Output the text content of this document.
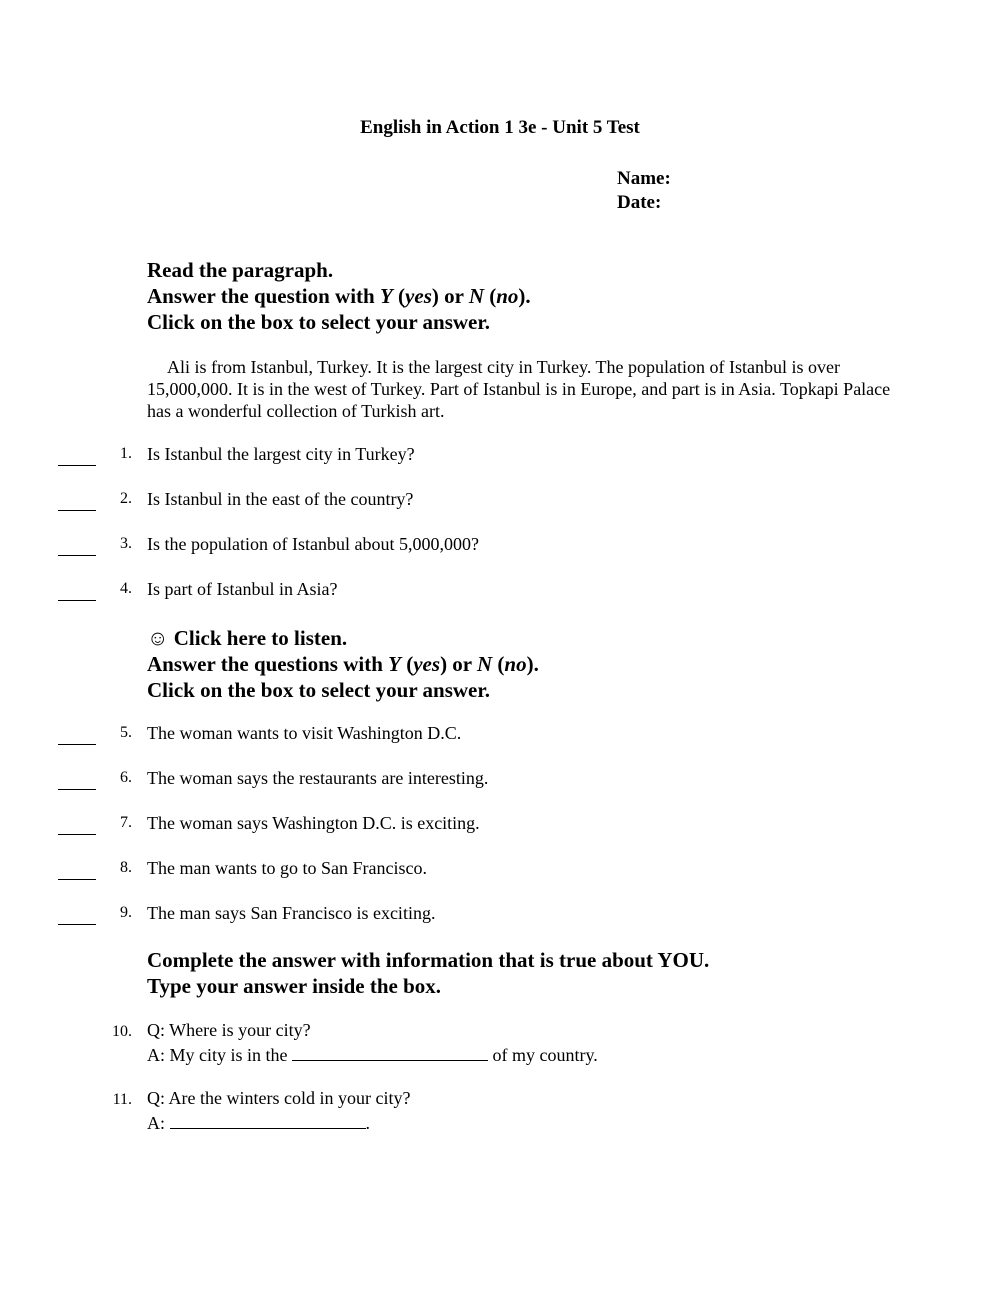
English in Action 1 3e - Unit 5 Test
Name:
Date:
Read the paragraph.
Answer the question with Y (yes) or N (no).
Click on the box to select your answer.
Ali is from Istanbul, Turkey. It is the largest city in Turkey. The population of Istanbul is over 15,000,000. It is in the west of Turkey. Part of Istanbul is in Europe, and part is in Asia. Topkapi Palace has a wonderful collection of Turkish art.
1. Is Istanbul the largest city in Turkey?
2. Is Istanbul in the east of the country?
3. Is the population of Istanbul about 5,000,000?
4. Is part of Istanbul in Asia?
☺ Click here to listen.
Answer the questions with Y (yes) or N (no).
Click on the box to select your answer.
5. The woman wants to visit Washington D.C.
6. The woman says the restaurants are interesting.
7. The woman says Washington D.C. is exciting.
8. The man wants to go to San Francisco.
9. The man says San Francisco is exciting.
Complete the answer with information that is true about YOU.
Type your answer inside the box.
10. Q: Where is your city?
A: My city is in the	of my country.
11. Q: Are the winters cold in your city?
A:	.
